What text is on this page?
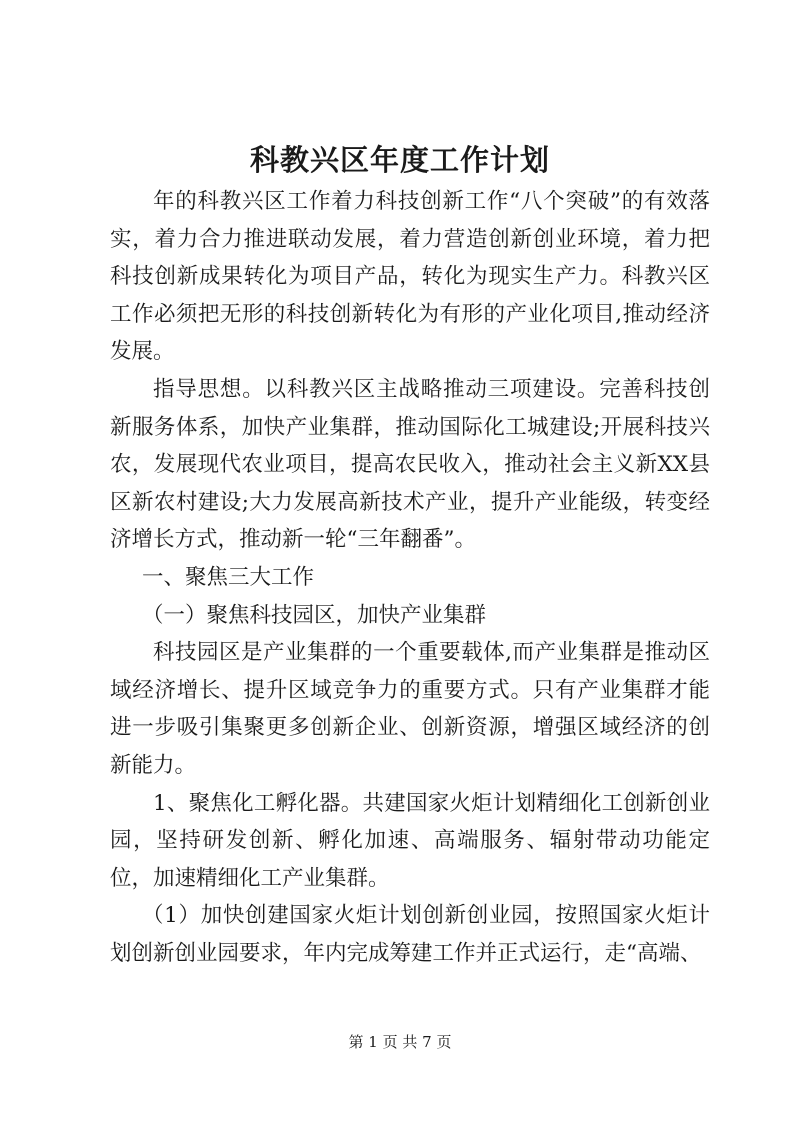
科教兴区年度工作计划

年的科教兴区工作着力科技创新工作“八个突破”的有效落实，着力合力推进联动发展，着力营造创新创业环境，着力把科技创新成果转化为项目产品，转化为现实生产力。科教兴区工作必须把无形的科技创新转化为有形的产业化项目,推动经济发展。

指导思想。以科教兴区主战略推动三项建设。完善科技创新服务体系，加快产业集群，推动国际化工城建设;开展科技兴农，发展现代农业项目，提高农民收入，推动社会主义新XX县区新农村建设;大力发展高新技术产业，提升产业能级，转变经济增长方式，推动新一轮“三年翻番”。

一、聚焦三大工作

（一）聚焦科技园区，加快产业集群

科技园区是产业集群的一个重要载体,而产业集群是推动区域经济增长、提升区域竞争力的重要方式。只有产业集群才能进一步吸引集聚更多创新企业、创新资源，增强区域经济的创新能力。

1、聚焦化工孵化器。共建国家火炬计划精细化工创新创业园，坚持研发创新、孵化加速、高端服务、辐射带动功能定位，加速精细化工产业集群。

（1）加快创建国家火炬计划创新创业园，按照国家火炬计划创新创业园要求，年内完成筹建工作并正式运行，走“高端、

第 1 页 共 7 页
